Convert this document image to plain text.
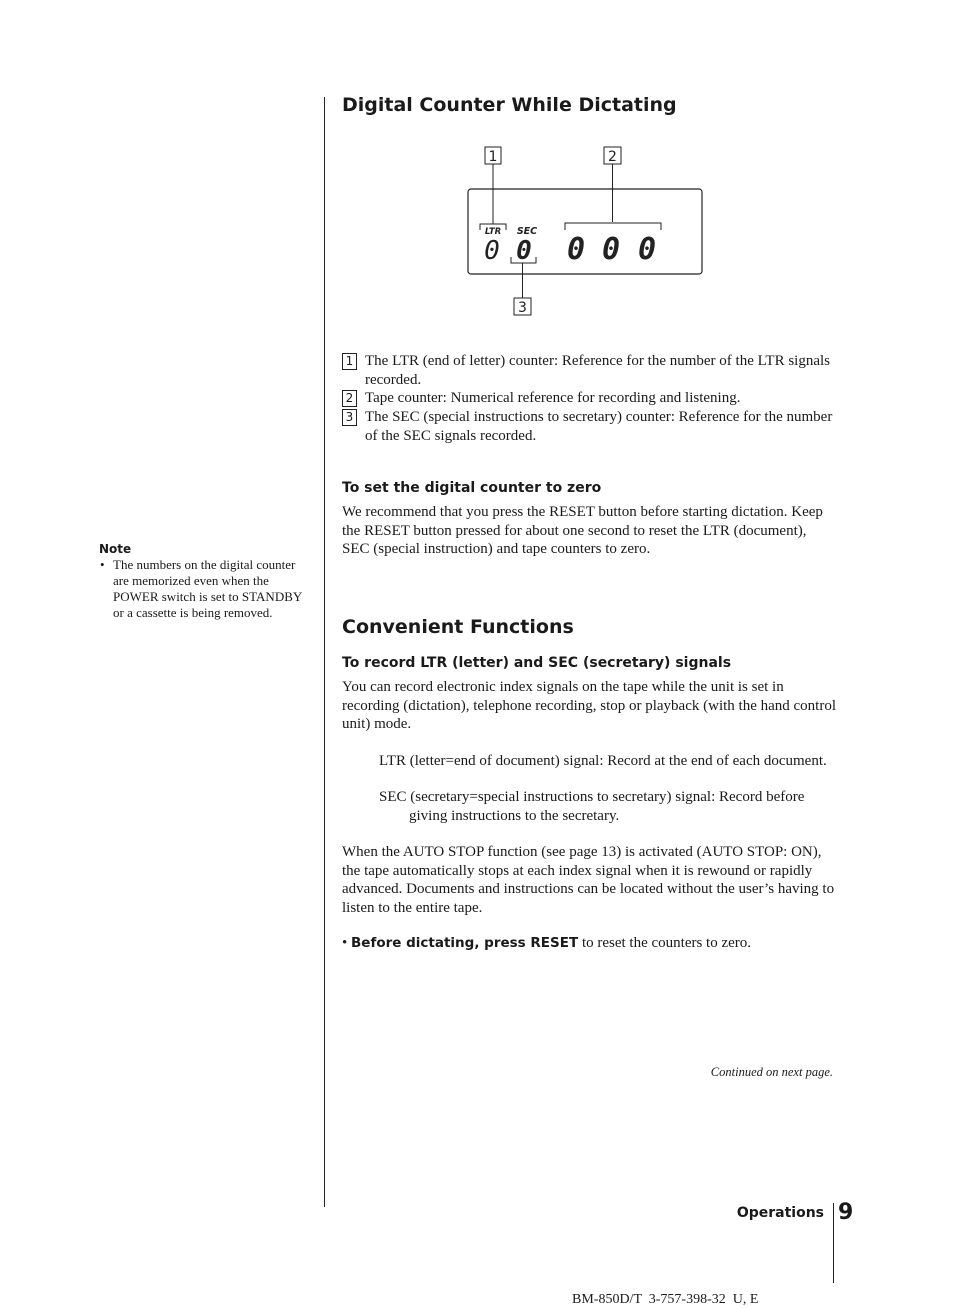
Digital Counter While Dictating
1	2
3
LTR SEC
0 0 0 0 0
1 The LTR (end of letter) counter: Reference for the number of the LTR signals recorded.
2 Tape counter: Numerical reference for recording and listening.
3 The SEC (special instructions to secretary) counter: Reference for the number of the SEC signals recorded.
To set the digital counter to zero
We recommend that you press the RESET button before starting dictation. Keep the RESET button pressed for about one second to reset the LTR (document), SEC (special instruction) and tape counters to zero.
Note
• The numbers on the digital counter are memorized even when the POWER switch is set to STANDBY or a cassette is being removed.
Convenient Functions
To record LTR (letter) and SEC (secretary) signals
You can record electronic index signals on the tape while the unit is set in recording (dictation), telephone recording, stop or playback (with the hand control unit) mode.
LTR (letter=end of document) signal: Record at the end of each document.
SEC (secretary=special instructions to secretary) signal: Record before giving instructions to the secretary.
When the AUTO STOP function (see page 13) is activated (AUTO STOP: ON), the tape automatically stops at each index signal when it is rewound or rapidly advanced. Documents and instructions can be located without the user’s having to listen to the entire tape.
• Before dictating, press RESET to reset the counters to zero.
Continued on next page.
Operations 9
BM-850D/T  3-757-398-32  U, E
